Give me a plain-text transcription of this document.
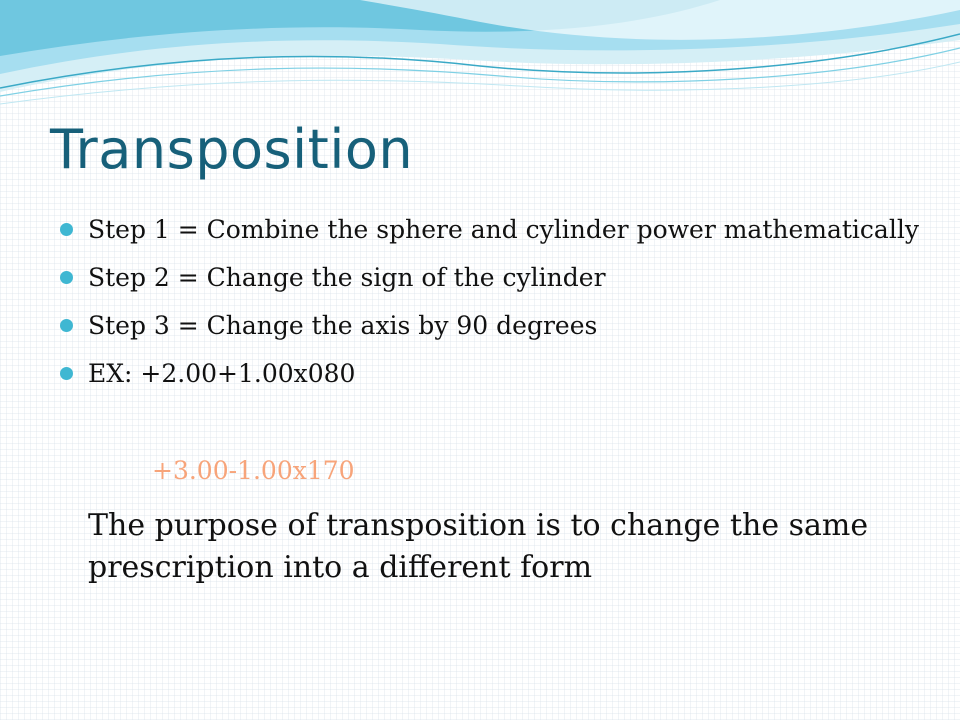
Transposition
Step 1 = Combine the sphere and cylinder power mathematically
Step 2 = Change the sign of the cylinder
Step 3 = Change the axis by 90 degrees
EX: +2.00+1.00x080
+3.00-1.00x170

The purpose of transposition is to change the same prescription into a different form
